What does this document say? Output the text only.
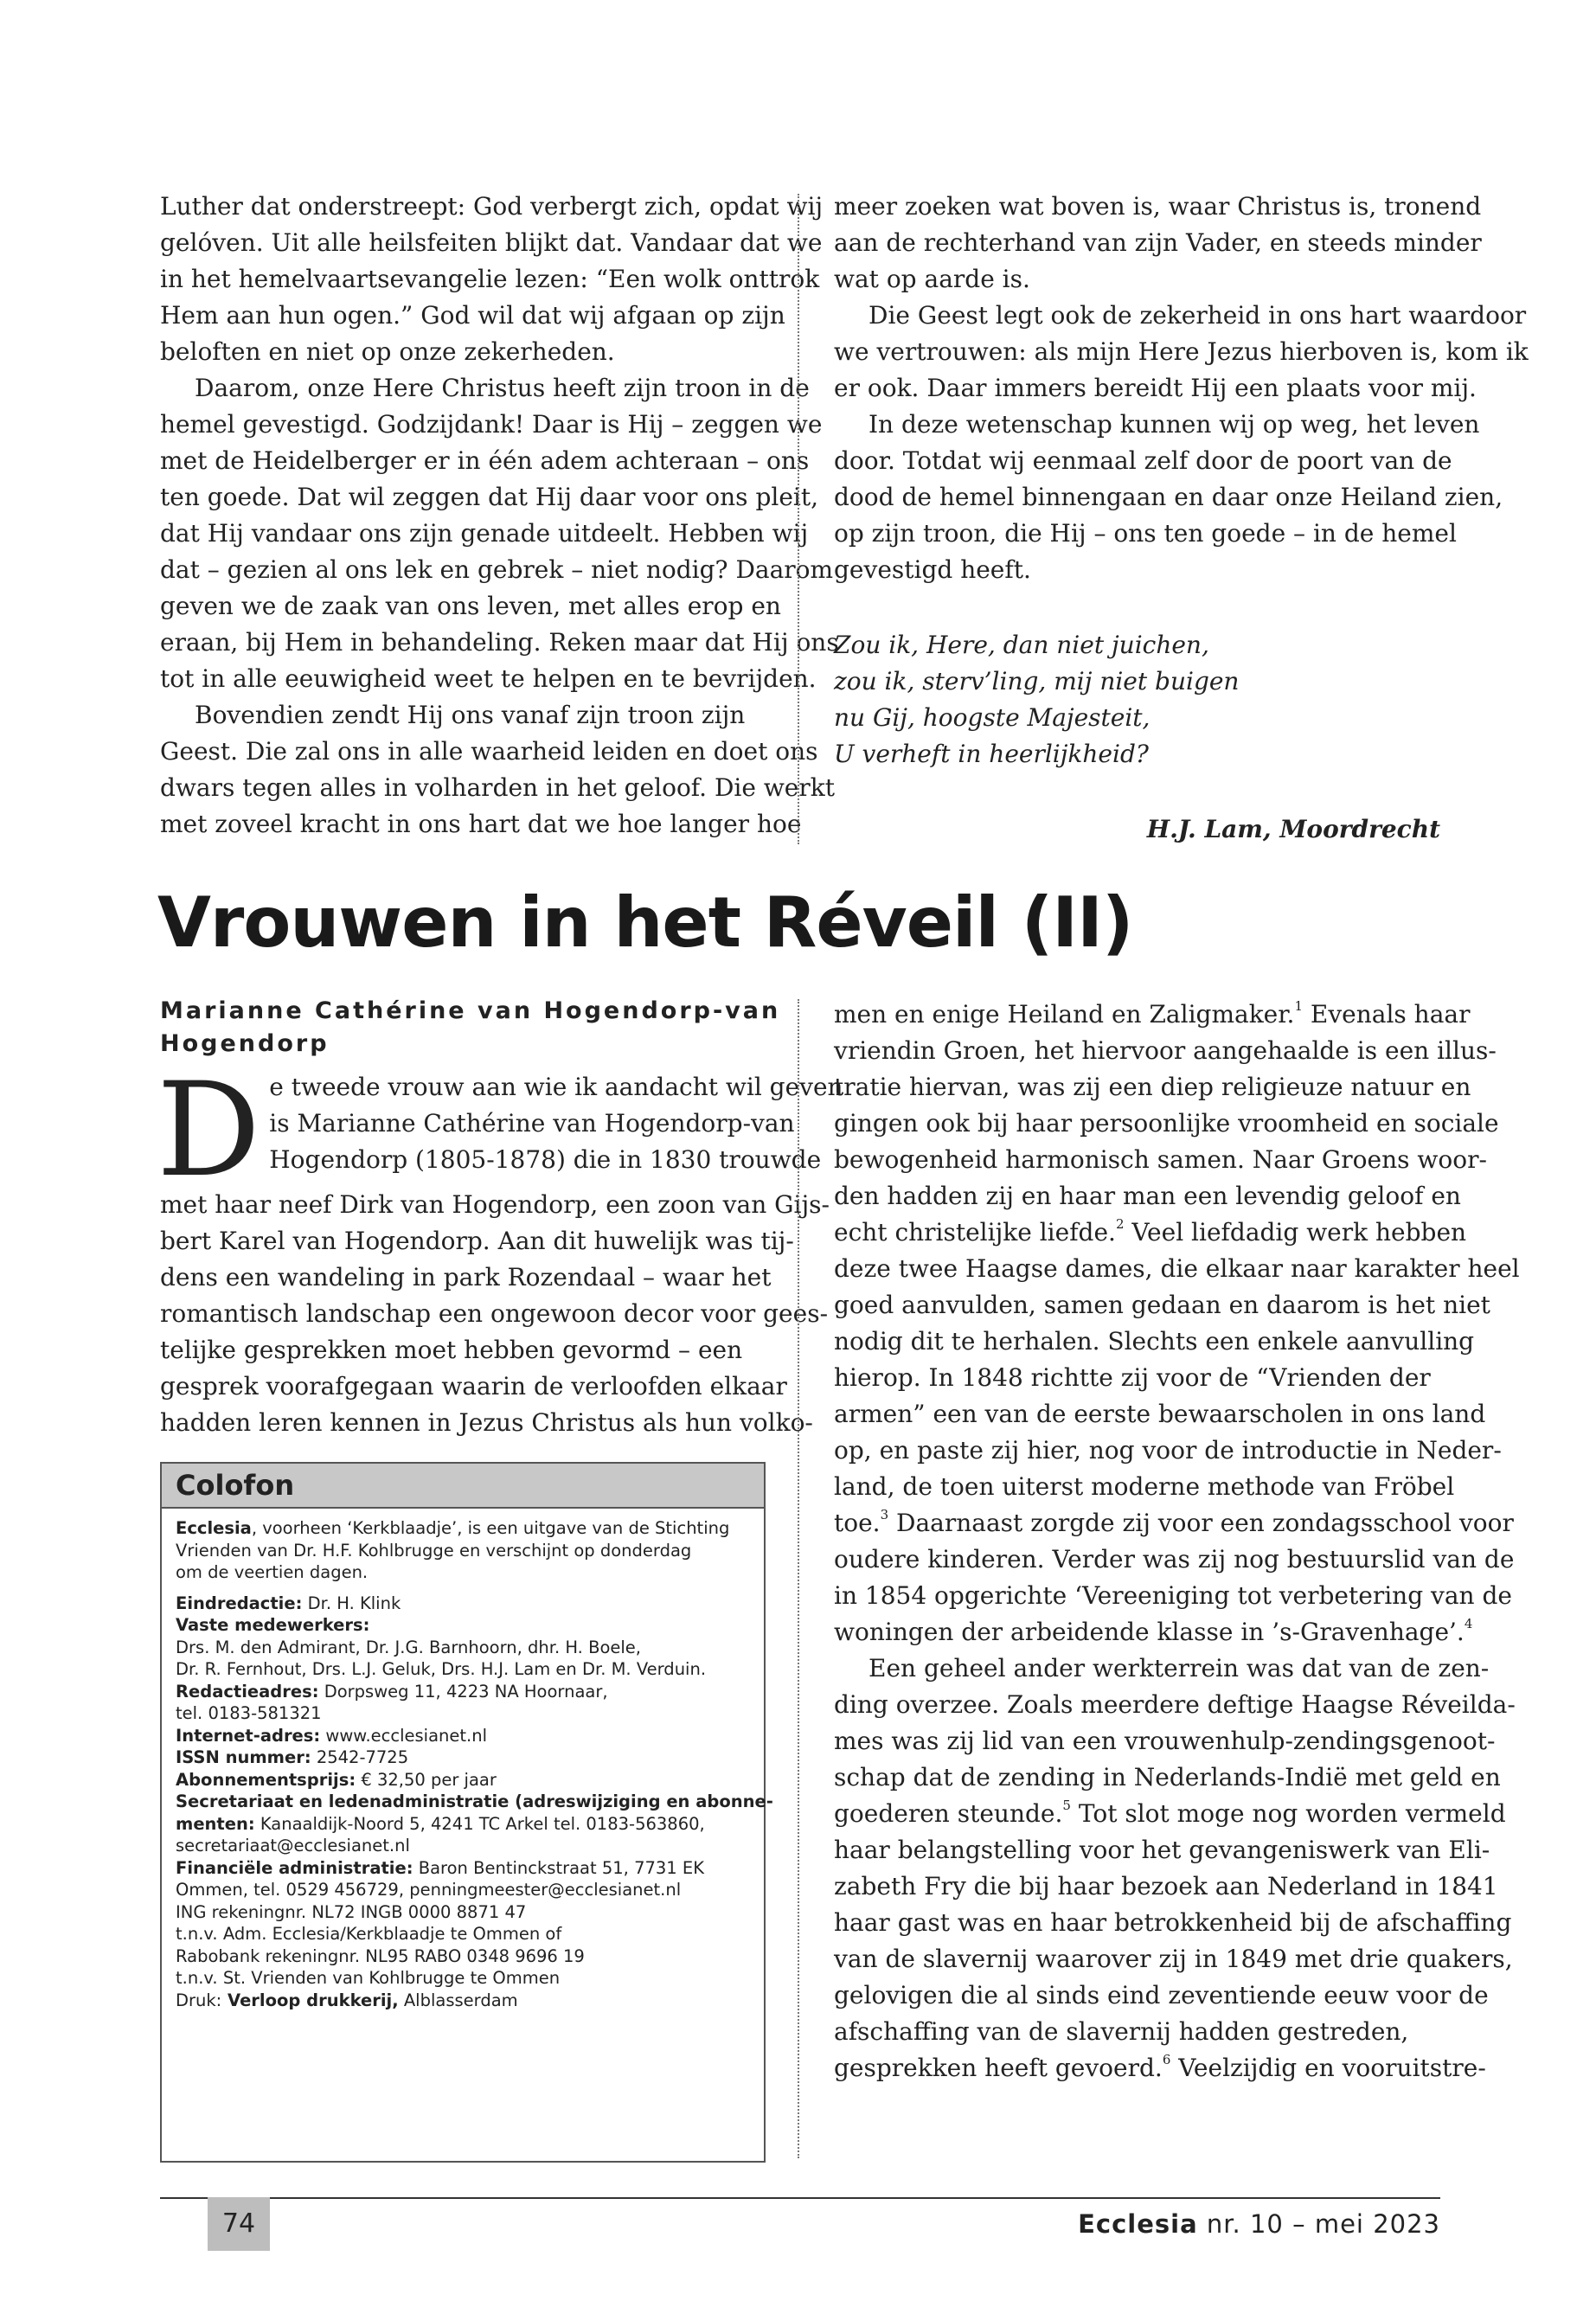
Luther dat onderstreept: God verbergt zich, opdat wij
gelóven. Uit alle heilsfeiten blijkt dat. Vandaar dat we
in het hemelvaartsevangelie lezen: “Een wolk onttrok
Hem aan hun ogen.” God wil dat wij afgaan op zijn
beloften en niet op onze zekerheden.
Daarom, onze Here Christus heeft zijn troon in de
hemel gevestigd. Godzijdank! Daar is Hij – zeggen we
met de Heidelberger er in één adem achteraan – ons
ten goede. Dat wil zeggen dat Hij daar voor ons pleit,
dat Hij vandaar ons zijn genade uitdeelt. Hebben wij
dat – gezien al ons lek en gebrek – niet nodig? Daarom
geven we de zaak van ons leven, met alles erop en
eraan, bij Hem in behandeling. Reken maar dat Hij ons
tot in alle eeuwigheid weet te helpen en te bevrijden.
Bovendien zendt Hij ons vanaf zijn troon zijn
Geest. Die zal ons in alle waarheid leiden en doet ons
dwars tegen alles in volharden in het geloof. Die werkt
met zoveel kracht in ons hart dat we hoe langer hoe
meer zoeken wat boven is, waar Christus is, tronend
aan de rechterhand van zijn Vader, en steeds minder
wat op aarde is.
Die Geest legt ook de zekerheid in ons hart waardoor
we vertrouwen: als mijn Here Jezus hierboven is, kom ik
er ook. Daar immers bereidt Hij een plaats voor mij.
In deze wetenschap kunnen wij op weg, het leven
door. Totdat wij eenmaal zelf door de poort van de
dood de hemel binnengaan en daar onze Heiland zien,
op zijn troon, die Hij – ons ten goede – in de hemel
gevestigd heeft.
Zou ik, Here, dan niet juichen,
zou ik, sterv’ling, mij niet buigen
nu Gij, hoogste Majesteit,
U verheft in heerlijkheid?
H.J. Lam, Moordrecht
Vrouwen in het Réveil (II)
Marianne Cathérine van Hogendorp-van
Hogendorp
D e tweede vrouw aan wie ik aandacht wil geven
is Marianne Cathérine van Hogendorp-van
Hogendorp (1805-1878) die in 1830 trouwde
met haar neef Dirk van Hogendorp, een zoon van Gijs-
bert Karel van Hogendorp. Aan dit huwelijk was tij-
dens een wandeling in park Rozendaal – waar het
romantisch landschap een ongewoon decor voor gees-
telijke gesprekken moet hebben gevormd – een
gesprek voorafgegaan waarin de verloofden elkaar
hadden leren kennen in Jezus Christus als hun volko-
men en enige Heiland en Zaligmaker.$^1$ Evenals haar
vriendin Groen, het hiervoor aangehaalde is een illus-
tratie hiervan, was zij een diep religieuze natuur en
gingen ook bij haar persoonlijke vroomheid en sociale
bewogenheid harmonisch samen. Naar Groens woor-
den hadden zij en haar man een levendig geloof en
echt christelijke liefde.$^2$ Veel liefdadig werk hebben
deze twee Haagse dames, die elkaar naar karakter heel
goed aanvulden, samen gedaan en daarom is het niet
nodig dit te herhalen. Slechts een enkele aanvulling
hierop. In 1848 richtte zij voor de “Vrienden der
armen” een van de eerste bewaarscholen in ons land
op, en paste zij hier, nog voor de introductie in Neder-
land, de toen uiterst moderne methode van Fröbel
toe.$^3$ Daarnaast zorgde zij voor een zondagsschool voor
oudere kinderen. Verder was zij nog bestuurslid van de
in 1854 opgerichte ‘Vereeniging tot verbetering van de
woningen der arbeidende klasse in ’s-Gravenhage’.$^4$
Een geheel ander werkterrein was dat van de zen-
ding overzee. Zoals meerdere deftige Haagse Réveilda-
mes was zij lid van een vrouwenhulp-zendingsgenoot-
schap dat de zending in Nederlands-Indië met geld en
goederen steunde.$^5$ Tot slot moge nog worden vermeld
haar belangstelling voor het gevangeniswerk van Eli-
zabeth Fry die bij haar bezoek aan Nederland in 1841
haar gast was en haar betrokkenheid bij de afschaffing
van de slavernij waarover zij in 1849 met drie quakers,
gelovigen die al sinds eind zeventiende eeuw voor de
afschaffing van de slavernij hadden gestreden,
gesprekken heeft gevoerd.$^6$ Veelzijdig en vooruitstre-
Colofon
Ecclesia, voorheen ‘Kerkblaadje’, is een uitgave van de Stichting
Vrienden van Dr. H.F. Kohlbrugge en verschijnt op donderdag
om de veertien dagen.
Eindredactie: Dr. H. Klink
Vaste medewerkers:
Drs. M. den Admirant, Dr. J.G. Barnhoorn, dhr. H. Boele,
Dr. R. Fernhout, Drs. L.J. Geluk, Drs. H.J. Lam en Dr. M. Verduin.
Redactieadres: Dorpsweg 11, 4223 NA Hoornaar,
tel. 0183-581321
Internet-adres: www.ecclesianet.nl
ISSN nummer: 2542-7725
Abonnementsprijs: € 32,50 per jaar
Secretariaat en ledenadministratie (adreswijziging en abonne-
menten: Kanaaldijk-Noord 5, 4241 TC Arkel tel. 0183-563860,
secretariaat@ecclesianet.nl
Financiële administratie: Baron Bentinckstraat 51, 7731 EK
Ommen, tel. 0529 456729, penningmeester@ecclesianet.nl
ING rekeningnr. NL72 INGB 0000 8871 47
t.n.v. Adm. Ecclesia/Kerkblaadje te Ommen of
Rabobank rekeningnr. NL95 RABO 0348 9696 19
t.n.v. St. Vrienden van Kohlbrugge te Ommen
Druk: Verloop drukkerij, Alblasserdam
74	Ecclesia nr. 10 – mei 2023
